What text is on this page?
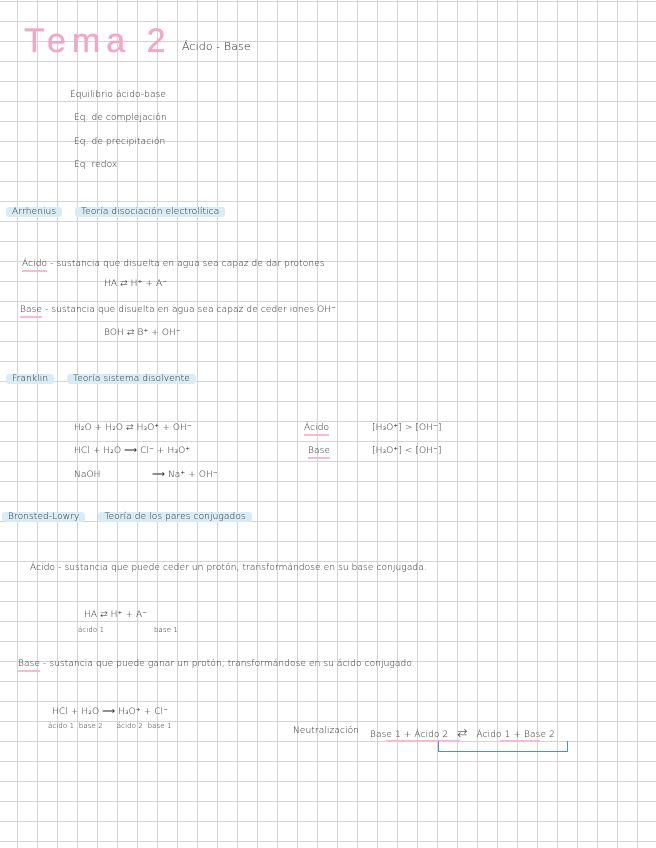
Tema 2 Ácido - Base
Equilibrio ácido-base
Eq. de complejación
Eq. de precipitación
Eq. redox
Arrhenius	Teoría disociación electrolítica
Ácido - sustancia que disuelta en agua sea capaz de dar protones
HA ⇆ H⁺ + A⁻
Base - sustancia que disuelta en agua sea capaz de ceder iones OH⁻
BOH ⇆ B⁺ + OH⁻
Franklin	Teoría sistema disolvente
H₂O + H₂O ⇆ H₃O⁺ + OH⁻
HCl + H₂O ⟶ Cl⁻ + H₃O⁺
NaOH	⟶ Na⁺ + OH⁻
Ácido	[H₃O⁺] > [OH⁻]
Base	[H₃O⁺] < [OH⁻]
Bronsted-Lowry	Teoría de los pares conjugados
Ácido - sustancia que puede ceder un protón, transformándose en su base conjugada.
HA ⇆ H⁺ + A⁻
ácido 1	base 1
Base - sustancia que puede ganar un protón, transformándose en su ácido conjugado.
HCl + H₂O ⟶ H₃O⁺ + Cl⁻
ácido 1  base 2      ácido 2  base 1	Neutralización Base 1 + Ácido 2 ⇆ Ácido 1 + Base 2
